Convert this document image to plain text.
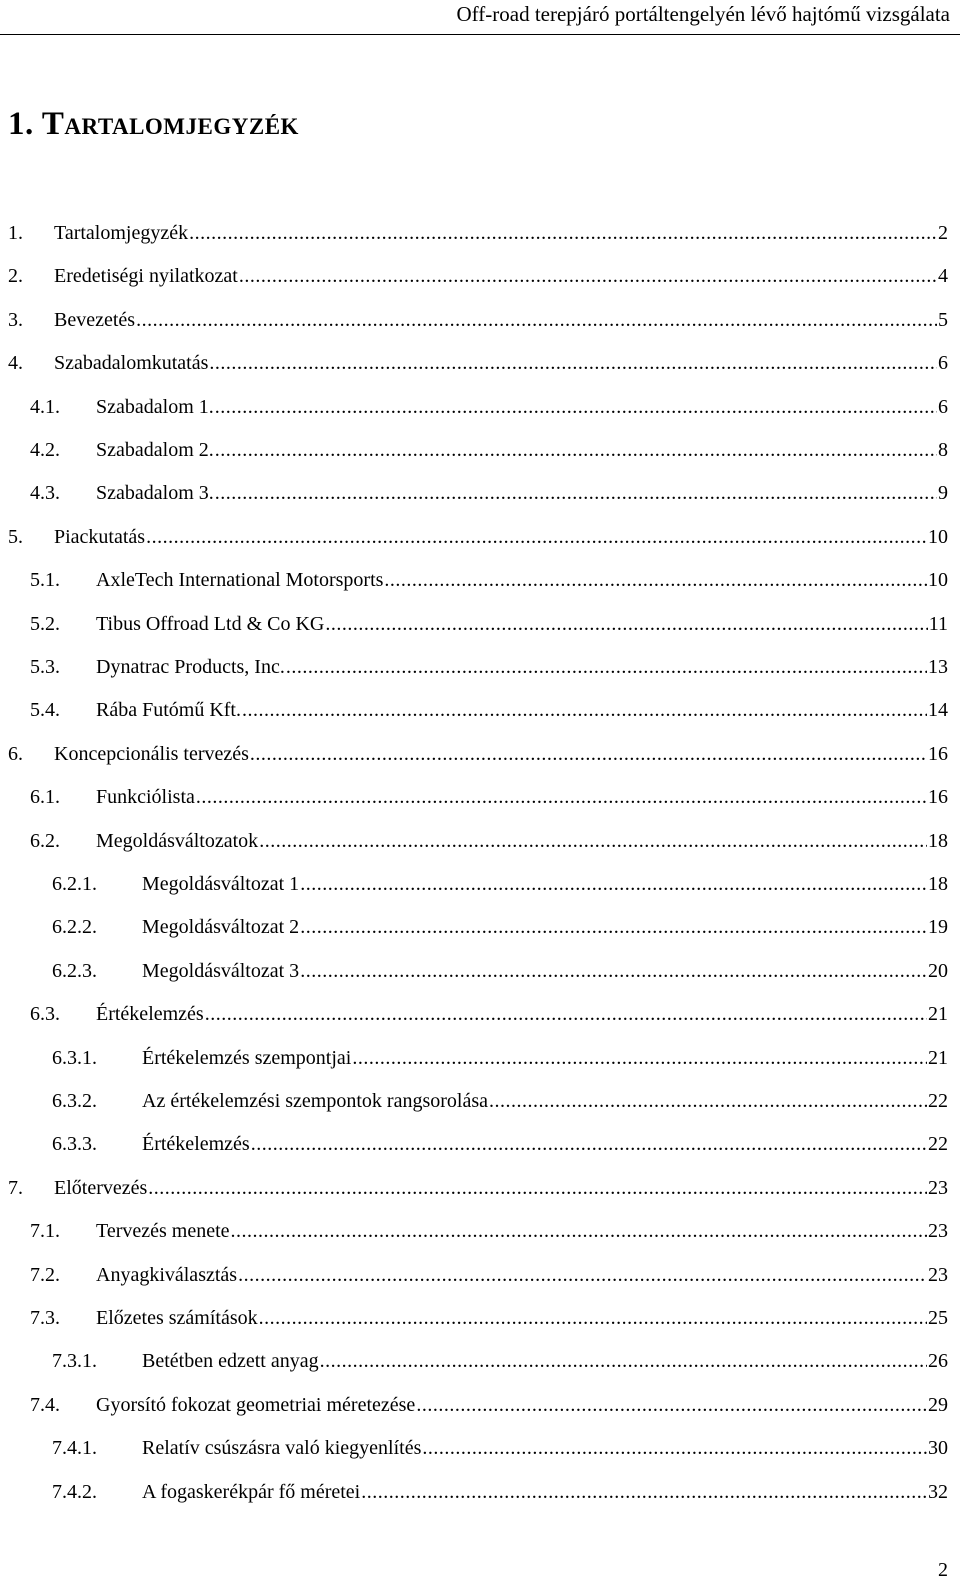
Off-road terepjáró portáltengelyén lévő hajtómű vizsgálata
1. Tartalomjegyzék
1.	Tartalomjegyzék .....	2
2.	Eredetiségi nyilatkozat .....	4
3.	Bevezetés .....	5
4.	Szabadalomkutatás .....	6
4.1.	Szabadalom 1. .....	6
4.2.	Szabadalom 2. .....	8
4.3.	Szabadalom 3. .....	9
5.	Piackutatás .....	10
5.1.	AxleTech International Motorsports .....	10
5.2.	Tibus Offroad Ltd & Co KG .....	11
5.3.	Dynatrac Products, Inc. .....	13
5.4.	Rába Futómű Kft. .....	14
6.	Koncepcionális tervezés .....	16
6.1.	Funkciólista .....	16
6.2.	Megoldásváltozatok .....	18
6.2.1.	Megoldásváltozat 1 .....	18
6.2.2.	Megoldásváltozat 2 .....	19
6.2.3.	Megoldásváltozat 3 .....	20
6.3.	Értékelemzés .....	21
6.3.1.	Értékelemzés szempontjai .....	21
6.3.2.	Az értékelemzési szempontok rangsorolása .....	22
6.3.3.	Értékelemzés .....	22
7.	Előtervezés .....	23
7.1.	Tervezés menete .....	23
7.2.	Anyagkiválasztás .....	23
7.3.	Előzetes számítások .....	25
7.3.1.	Betétben edzett anyag .....	26
7.4.	Gyorsító fokozat geometriai méretezése .....	29
7.4.1.	Relatív csúszásra való kiegyenlítés .....	30
7.4.2.	A fogaskerékpár fő méretei .....	32
2
